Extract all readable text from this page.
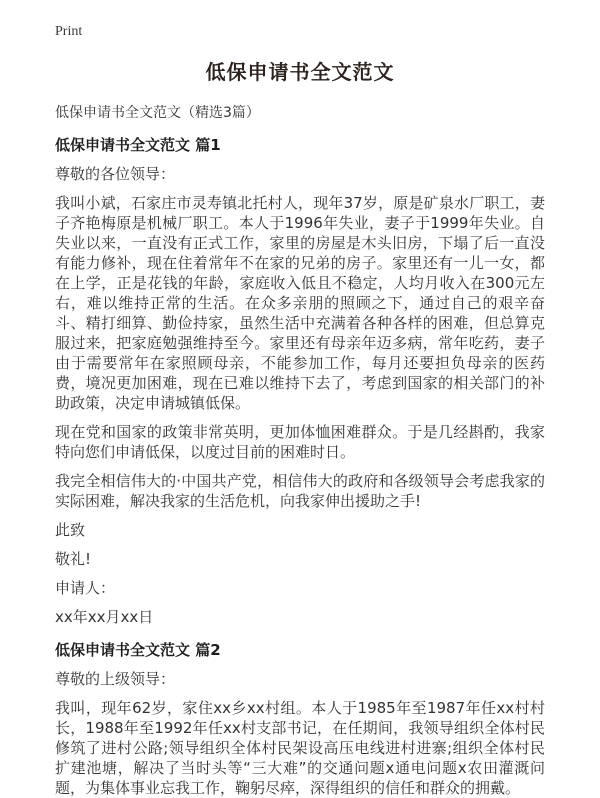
Print
低保申请书全文范文

低保申请书全文范文（精选3篇）

低保申请书全文范文 篇1

尊敬的各位领导：

我叫小斌，石家庄市灵寿镇北托村人，现年37岁，原是矿泉水厂职工，妻子齐艳梅原是机械厂职工。本人于1996年失业，妻子于1999年失业。自失业以来，一直没有正式工作，家里的房屋是木头旧房，下塌了后一直没有能力修补，现在住着常年不在家的兄弟的房子。家里还有一儿一女，都在上学，正是花钱的年龄，家庭收入低且不稳定，人均月收入在300元左右，难以维持正常的生活。在众多亲朋的照顾之下，通过自己的艰辛奋斗、精打细算、勤俭持家，虽然生活中充满着各种各样的困难，但总算克服过来，把家庭勉强维持至今。家里还有母亲年迈多病，常年吃药，妻子由于需要常年在家照顾母亲，不能参加工作，每月还要担负母亲的医药费，境况更加困难，现在已难以维持下去了，考虑到国家的相关部门的补助政策，决定申请城镇低保。

现在党和国家的政策非常英明，更加体恤困难群众。于是几经斟酌，我家特向您们申请低保，以度过目前的困难时日。

我完全相信伟大的·中国共产党，相信伟大的政府和各级领导会考虑我家的实际困难，解决我家的生活危机，向我家伸出援助之手!

此致

敬礼!

申请人：

xx年xx月xx日

低保申请书全文范文 篇2

尊敬的上级领导：

我叫，现年62岁，家住xx乡xx村组。本人于1985年至1987年任xx村村长，1988年至1992年任xx村支部书记，在任期间，我领导组织全体村民修筑了进村公路;领导组织全体村民架设高压电线进村进寨;组织全体村民扩建池塘，解决了当时头等“三大难”的交通问题x通电问题x农田灌溉问题，为集体事业忘我工作，鞠躬尽瘁，深得组织的信任和群众的拥戴。
